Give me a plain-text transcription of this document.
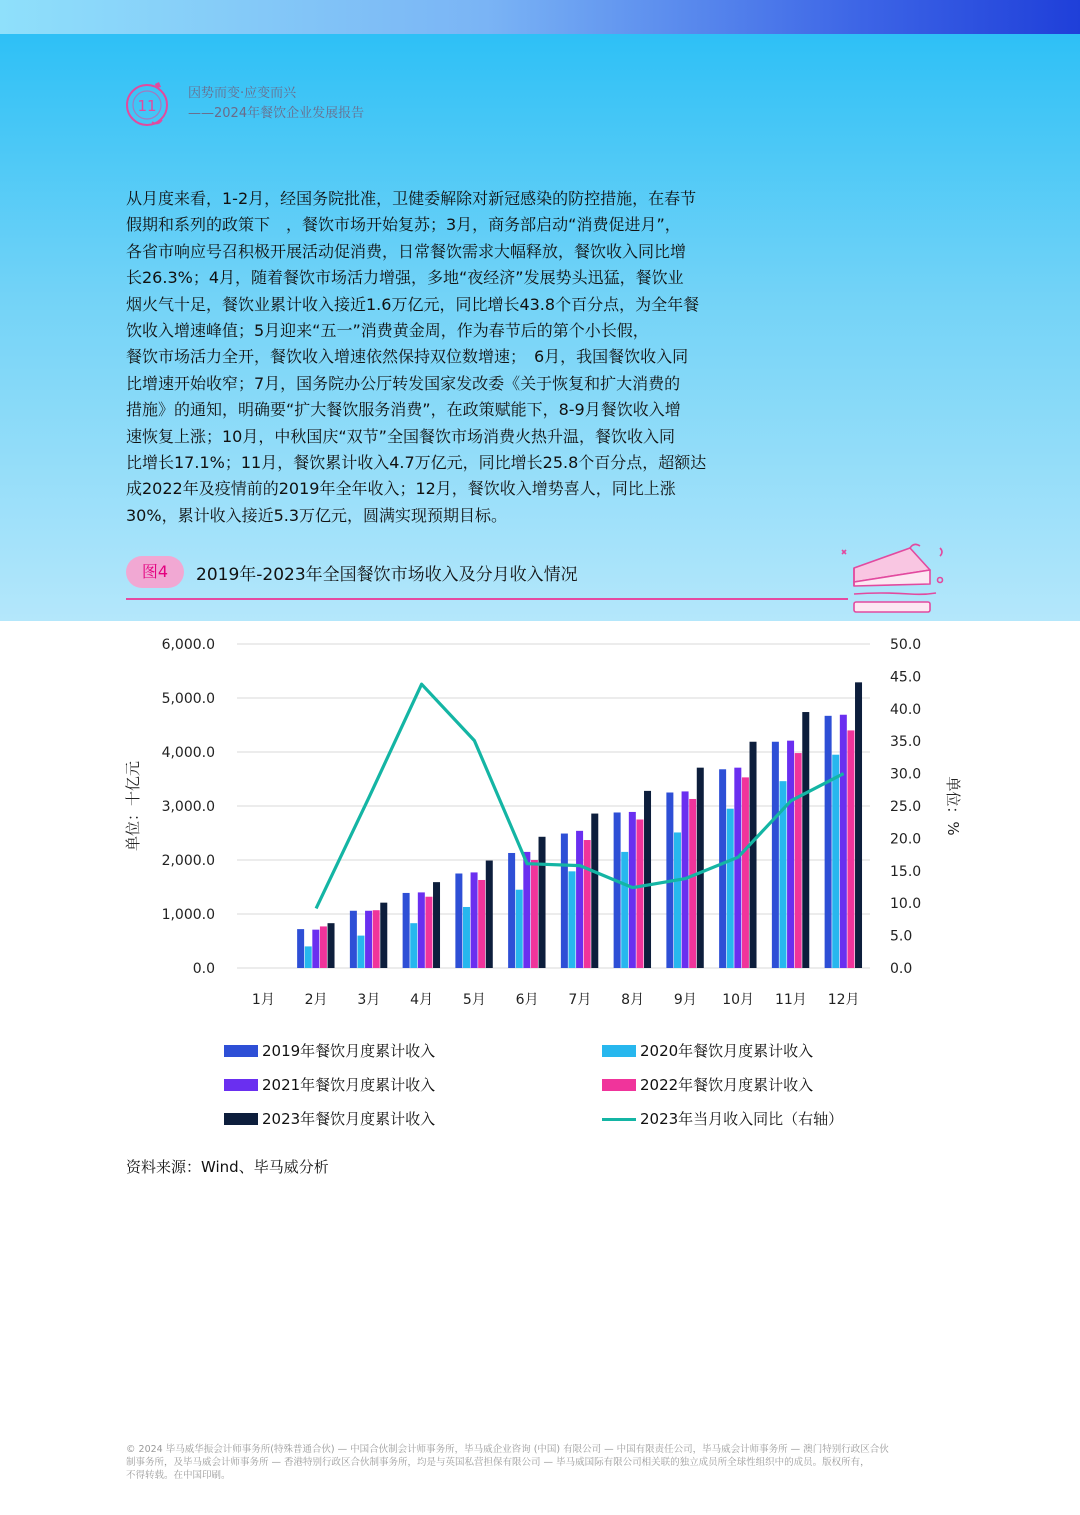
11
因势而变·应变而兴
——2024年餐饮企业发展报告

从月度来看，1-2月，经国务院批准，卫健委解除对新冠感染的防控措施，在春节
假期和系列的政策下　，餐饮市场开始复苏；3月，商务部启动“消费促进月”，
各省市响应号召积极开展活动促消费，日常餐饮需求大幅释放，餐饮收入同比增
长26.3%；4月，随着餐饮市场活力增强，多地“夜经济”发展势头迅猛，餐饮业
烟火气十足，餐饮业累计收入接近1.6万亿元，同比增长43.8个百分点，为全年餐
饮收入增速峰值；5月迎来“五一”消费黄金周，作为春节后的第个小长假，
餐饮市场活力全开，餐饮收入增速依然保持双位数增速；　6月，我国餐饮收入同
比增速开始收窄；7月，国务院办公厅转发国家发改委《关于恢复和扩大消费的
措施》的通知，明确要“扩大餐饮服务消费”，在政策赋能下，8-9月餐饮收入增
速恢复上涨；10月，中秋国庆“双节”全国餐饮市场消费火热升温，餐饮收入同
比增长17.1%；11月，餐饮累计收入4.7万亿元，同比增长25.8个百分点，超额达
成2022年及疫情前的2019年全年收入；12月，餐饮收入增势喜人，同比上涨
30%，累计收入接近5.3万亿元，圆满实现预期目标。

图4	2019年-2023年全国餐饮市场收入及分月收入情况
0.0
1,000.0
2,000.0
3,000.0
4,000.0
5,000.0
6,000.0
0.0
5.0
10.0
15.0
20.0
25.0
30.0
35.0
40.0
45.0
50.0
1月 2月 3月 4月 5月 6月 7月 8月 9月 10月 11月 12月
单位：十亿元	单位：%
2019年餐饮月度累计收入	2020年餐饮月度累计收入
2021年餐饮月度累计收入	2022年餐饮月度累计收入
2023年餐饮月度累计收入	2023年当月收入同比（右轴）
资料来源：Wind、毕马威分析

© 2024 毕马威华振会计师事务所(特殊普通合伙) — 中国合伙制会计师事务所，毕马威企业咨询 (中国) 有限公司 — 中国有限责任公司，毕马威会计师事务所 — 澳门特别行政区合伙
制事务所，及毕马威会计师事务所 — 香港特别行政区合伙制事务所，均是与英国私营担保有限公司 — 毕马威国际有限公司相关联的独立成员所全球性组织中的成员。版权所有，
不得转载。在中国印刷。
